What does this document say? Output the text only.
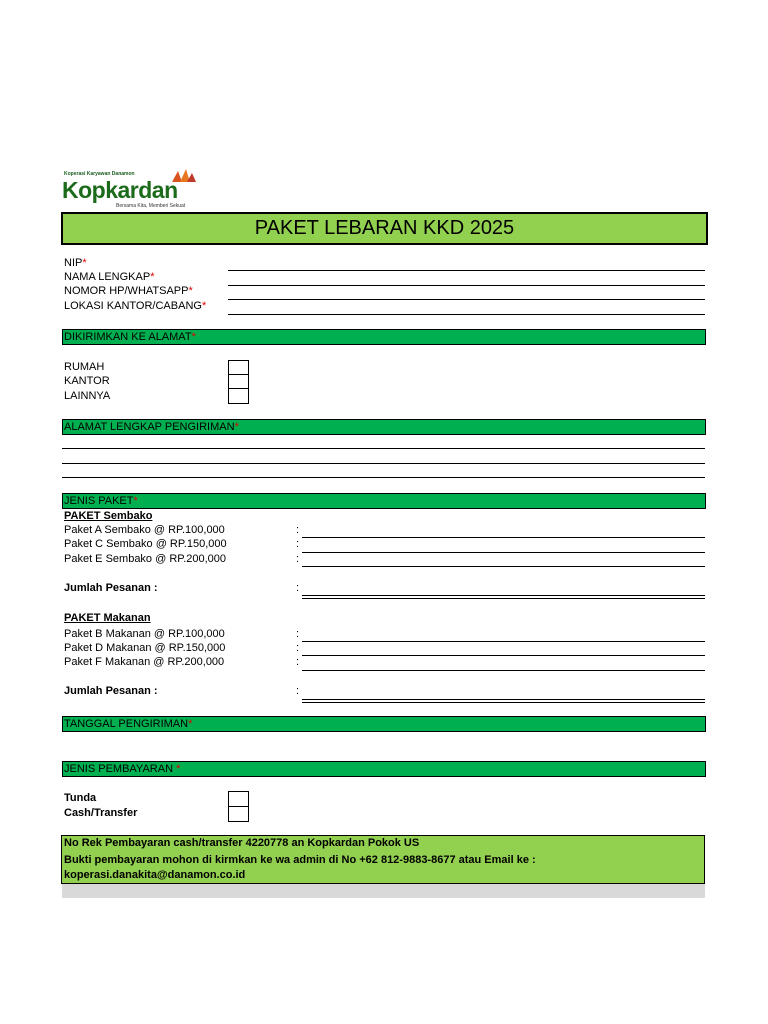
Koperasi Karyawan Danamon
Kopkardan
Bersama Kita, Memberi Sekuat
PAKET LEBARAN KKD 2025
NIP*
NAMA LENGKAP*
NOMOR HP/WHATSAPP*
LOKASI KANTOR/CABANG*
DIKIRIMKAN KE ALAMAT*
RUMAH
KANTOR
LAINNYA
ALAMAT LENGKAP PENGIRIMAN*
JENIS PAKET*
PAKET Sembako
Paket A Sembako @ RP.100,000
Paket C Sembako @ RP.150,000
Paket E Sembako @ RP.200,000
:
:
:
Jumlah Pesanan :	:
PAKET Makanan
Paket B Makanan @ RP.100,000
Paket D Makanan @ RP.150,000
Paket F Makanan @ RP.200,000
:
:
:
Jumlah Pesanan :	:
TANGGAL PENGIRIMAN*
JENIS PEMBAYARAN *
Tunda
Cash/Transfer
No Rek Pembayaran cash/transfer 4220778 an Kopkardan Pokok US
Bukti pembayaran mohon di kirmkan ke wa admin di No +62 812-9883-8677 atau Email ke :
koperasi.danakita@danamon.co.id
